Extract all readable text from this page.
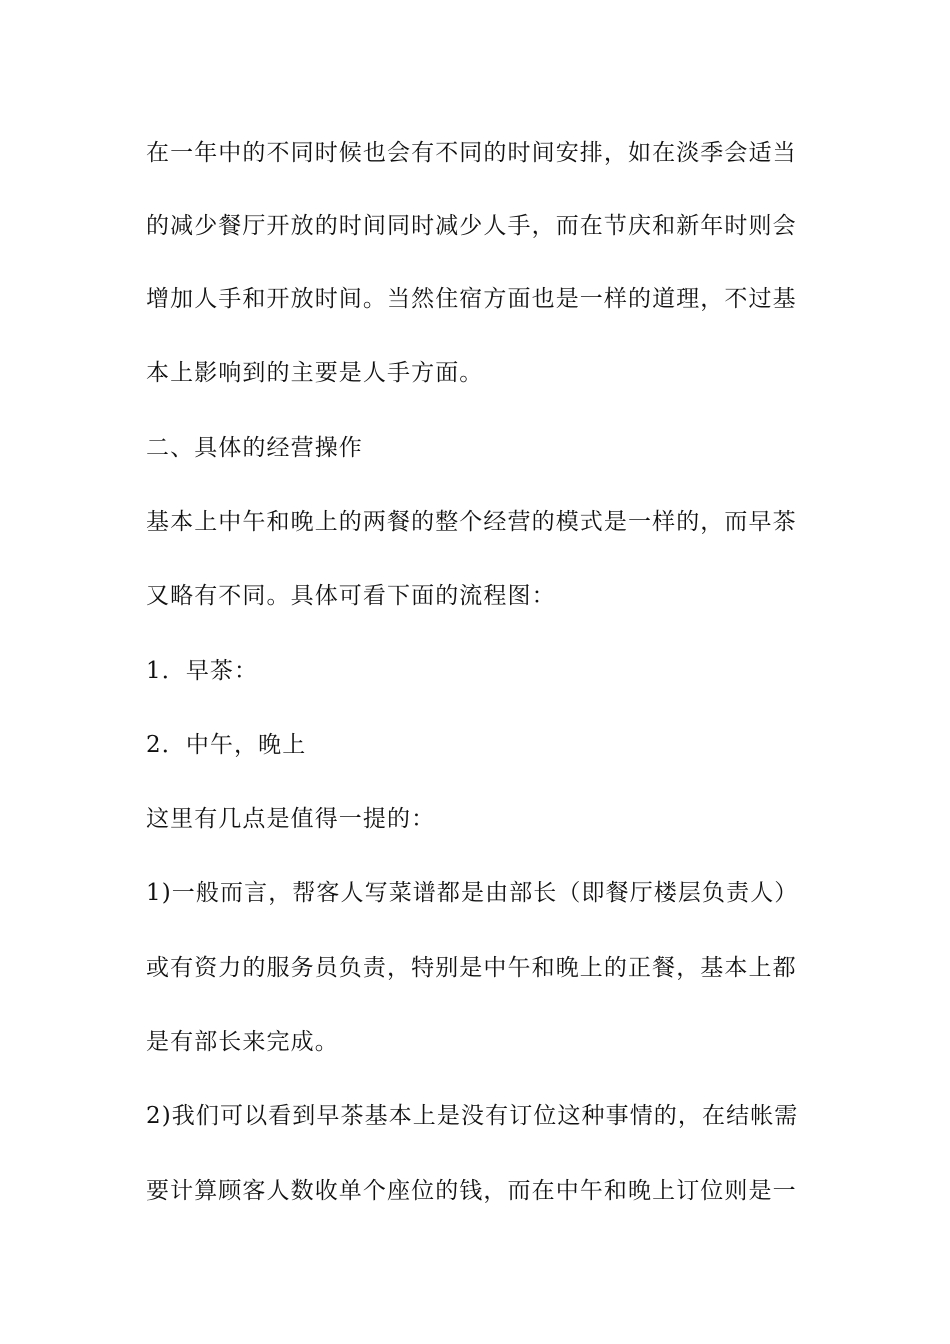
在一年中的不同时候也会有不同的时间安排，如在淡季会适当
的减少餐厅开放的时间同时减少人手，而在节庆和新年时则会
增加人手和开放时间。当然住宿方面也是一样的道理，不过基
本上影响到的主要是人手方面。
二、具体的经营操作
基本上中午和晚上的两餐的整个经营的模式是一样的，而早茶
又略有不同。具体可看下面的流程图：
1．早茶：
2．中午，晚上
这里有几点是值得一提的：
1)一般而言，帮客人写菜谱都是由部长（即餐厅楼层负责人）
或有资力的服务员负责，特别是中午和晚上的正餐，基本上都
是有部长来完成。
2)我们可以看到早茶基本上是没有订位这种事情的，在结帐需
要计算顾客人数收单个座位的钱，而在中午和晚上订位则是一
